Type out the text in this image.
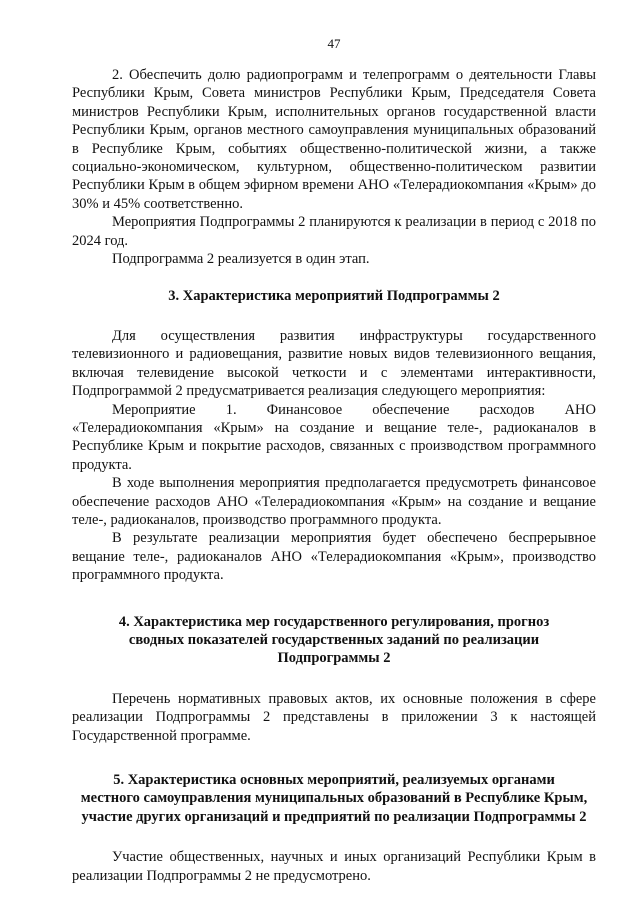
47

2. Обеспечить долю радиопрограмм и телепрограмм о деятельности Главы Республики Крым, Совета министров Республики Крым, Председателя Совета министров Республики Крым, исполнительных органов государственной власти Республики Крым, органов местного самоуправления муниципальных образований в Республике Крым, событиях общественно-политической жизни, а также социально-экономическом, культурном, общественно-политическом развитии Республики Крым в общем эфирном времени АНО «Телерадиокомпания «Крым» до 30% и 45% соответственно.

Мероприятия Подпрограммы 2 планируются к реализации в период с 2018 по 2024 год.

Подпрограмма 2 реализуется в один этап.

3. Характеристика мероприятий Подпрограммы 2

Для осуществления развития инфраструктуры государственного телевизионного и радиовещания, развитие новых видов телевизионного вещания, включая телевидение высокой четкости и с элементами интерактивности, Подпрограммой 2 предусматривается реализация следующего мероприятия:

Мероприятие 1. Финансовое обеспечение расходов АНО «Телерадиокомпания «Крым» на создание и вещание теле-, радиоканалов в Республике Крым и покрытие расходов, связанных с производством программного продукта.

В ходе выполнения мероприятия предполагается предусмотреть финансовое обеспечение расходов АНО «Телерадиокомпания «Крым» на создание и вещание теле-, радиоканалов, производство программного продукта.

В результате реализации мероприятия будет обеспечено беспрерывное вещание теле-, радиоканалов АНО «Телерадиокомпания «Крым», производство программного продукта.

4. Характеристика мер государственного регулирования, прогноз
сводных показателей государственных заданий по реализации
Подпрограммы 2

Перечень нормативных правовых актов, их основные положения в сфере реализации Подпрограммы 2 представлены в приложении 3 к настоящей Государственной программе.

5. Характеристика основных мероприятий, реализуемых органами
местного самоуправления муниципальных образований в Республике Крым,
участие других организаций и предприятий по реализации Подпрограммы 2

Участие общественных, научных и иных организаций Республики Крым в реализации Подпрограммы 2 не предусмотрено.
